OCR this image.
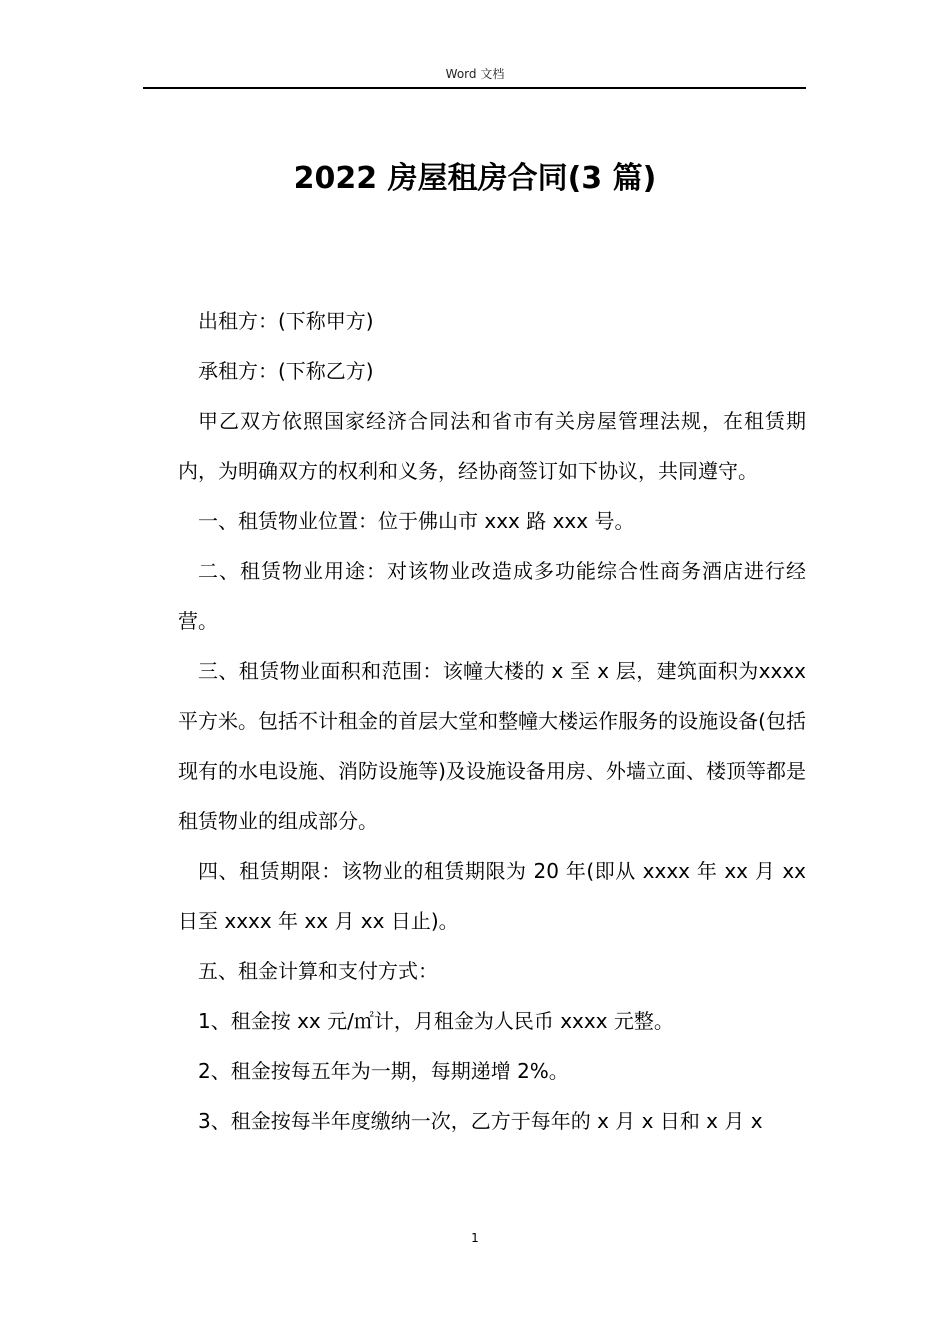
Word 文档
2022 房屋租房合同(3 篇)

出租方：(下称甲方)

承租方：(下称乙方)

甲乙双方依照国家经济合同法和省市有关房屋管理法规，在租赁期内，为明确双方的权利和义务，经协商签订如下协议，共同遵守。

一、租赁物业位置：位于佛山市 xxx 路 xxx 号。

二、租赁物业用途：对该物业改造成多功能综合性商务酒店进行经营。

三、租赁物业面积和范围：该幢大楼的 x 至 x 层，建筑面积为xxxx 平方米。包括不计租金的首层大堂和整幢大楼运作服务的设施设备(包括现有的水电设施、消防设施等)及设施设备用房、外墙立面、楼顶等都是租赁物业的组成部分。

四、租赁期限：该物业的租赁期限为 20 年(即从 xxxx 年 xx 月 xx日至 xxxx 年 xx 月 xx 日止)。

五、租金计算和支付方式：

1、租金按 xx 元/㎡计，月租金为人民币 xxxx 元整。

2、租金按每五年为一期，每期递增 2%。

3、租金按每半年度缴纳一次，乙方于每年的 x 月 x 日和 x 月 x

1
